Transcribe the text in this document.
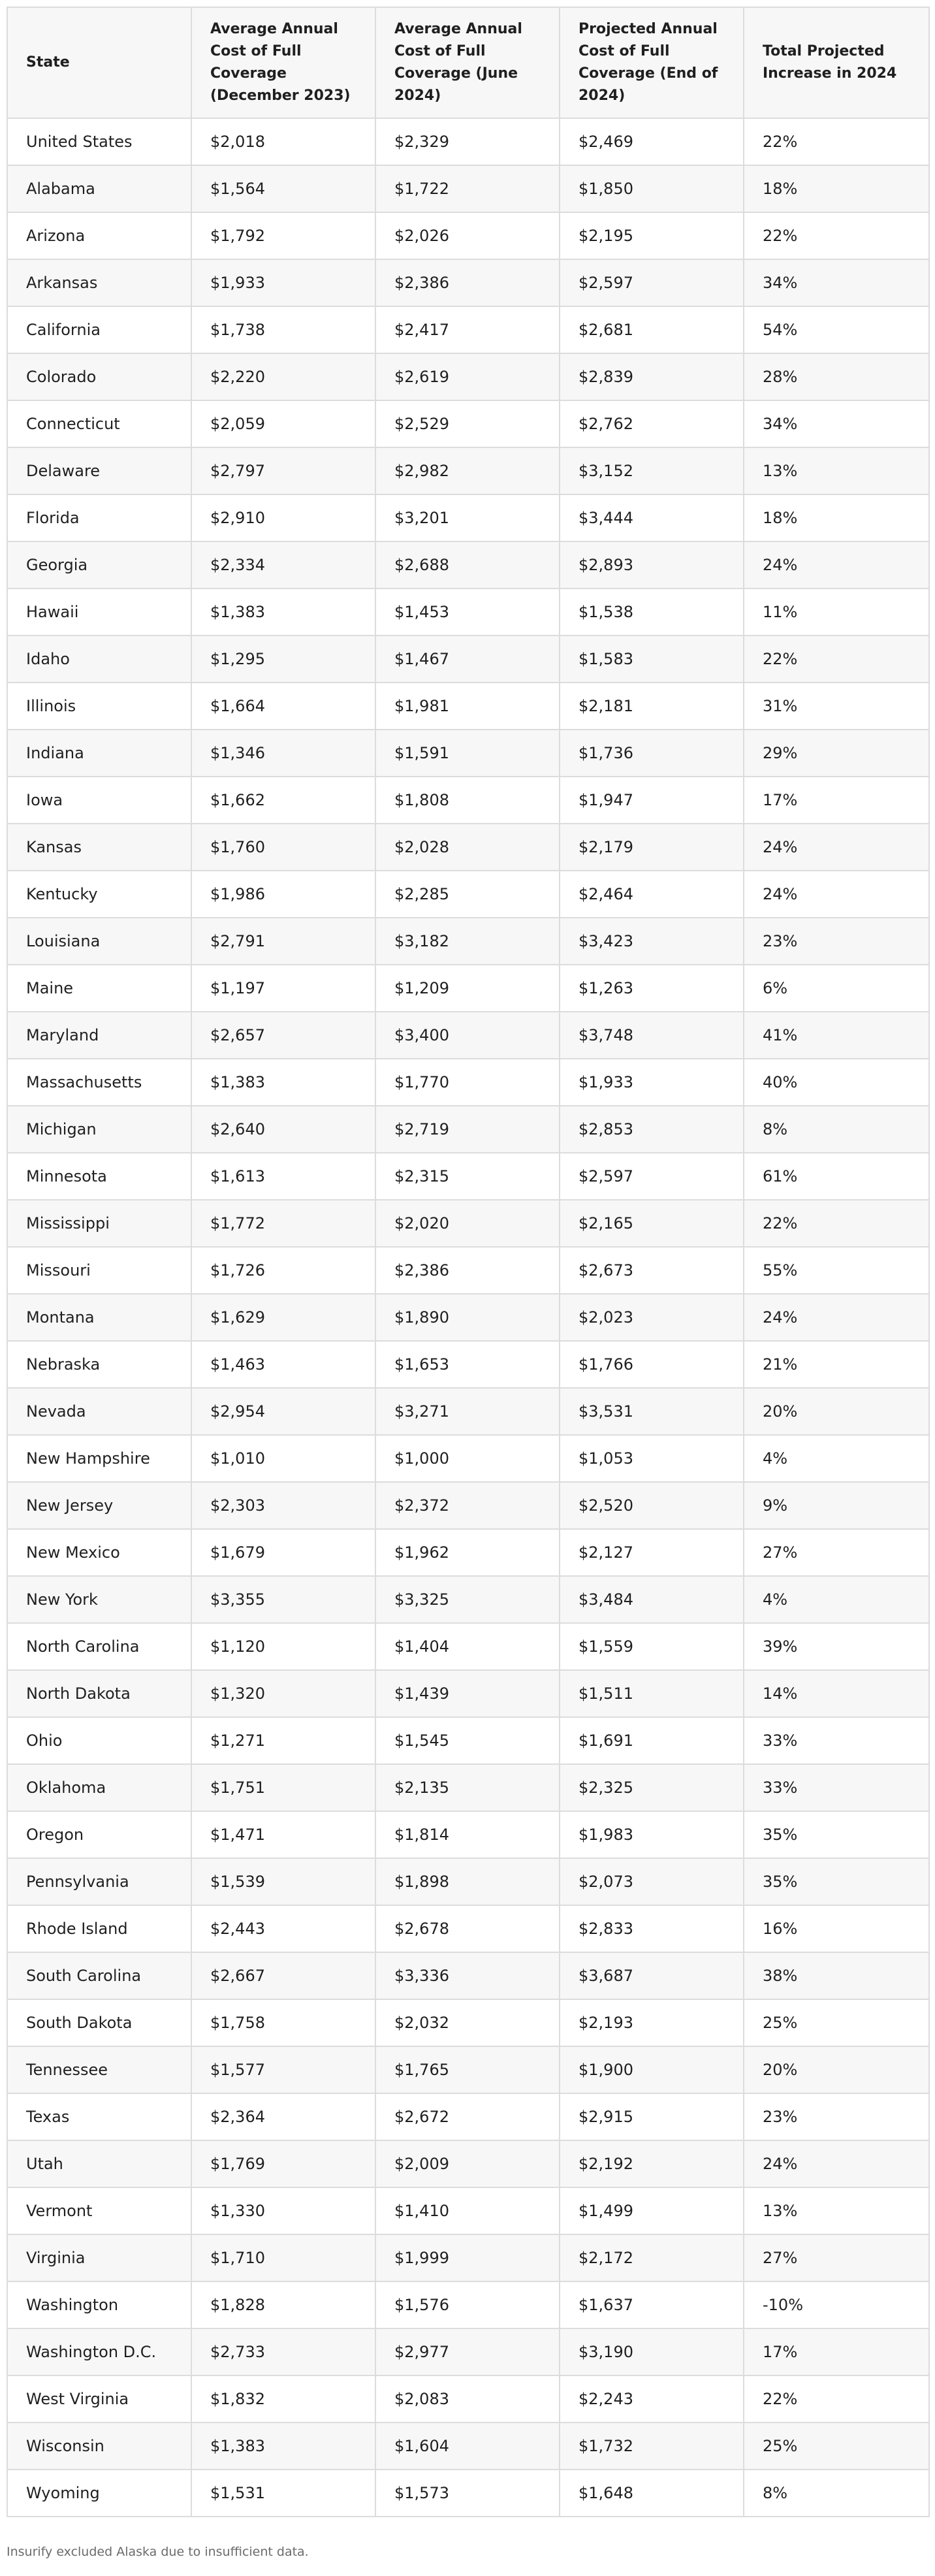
State	Average Annual Cost of Full Coverage (December 2023)	Average Annual Cost of Full Coverage (June 2024)	Projected Annual Cost of Full Coverage (End of 2024)	Total Projected Increase in 2024
United States	$2,018	$2,329	$2,469	22%
Alabama	$1,564	$1,722	$1,850	18%
Arizona	$1,792	$2,026	$2,195	22%
Arkansas	$1,933	$2,386	$2,597	34%
California	$1,738	$2,417	$2,681	54%
Colorado	$2,220	$2,619	$2,839	28%
Connecticut	$2,059	$2,529	$2,762	34%
Delaware	$2,797	$2,982	$3,152	13%
Florida	$2,910	$3,201	$3,444	18%
Georgia	$2,334	$2,688	$2,893	24%
Hawaii	$1,383	$1,453	$1,538	11%
Idaho	$1,295	$1,467	$1,583	22%
Illinois	$1,664	$1,981	$2,181	31%
Indiana	$1,346	$1,591	$1,736	29%
Iowa	$1,662	$1,808	$1,947	17%
Kansas	$1,760	$2,028	$2,179	24%
Kentucky	$1,986	$2,285	$2,464	24%
Louisiana	$2,791	$3,182	$3,423	23%
Maine	$1,197	$1,209	$1,263	6%
Maryland	$2,657	$3,400	$3,748	41%
Massachusetts	$1,383	$1,770	$1,933	40%
Michigan	$2,640	$2,719	$2,853	8%
Minnesota	$1,613	$2,315	$2,597	61%
Mississippi	$1,772	$2,020	$2,165	22%
Missouri	$1,726	$2,386	$2,673	55%
Montana	$1,629	$1,890	$2,023	24%
Nebraska	$1,463	$1,653	$1,766	21%
Nevada	$2,954	$3,271	$3,531	20%
New Hampshire	$1,010	$1,000	$1,053	4%
New Jersey	$2,303	$2,372	$2,520	9%
New Mexico	$1,679	$1,962	$2,127	27%
New York	$3,355	$3,325	$3,484	4%
North Carolina	$1,120	$1,404	$1,559	39%
North Dakota	$1,320	$1,439	$1,511	14%
Ohio	$1,271	$1,545	$1,691	33%
Oklahoma	$1,751	$2,135	$2,325	33%
Oregon	$1,471	$1,814	$1,983	35%
Pennsylvania	$1,539	$1,898	$2,073	35%
Rhode Island	$2,443	$2,678	$2,833	16%
South Carolina	$2,667	$3,336	$3,687	38%
South Dakota	$1,758	$2,032	$2,193	25%
Tennessee	$1,577	$1,765	$1,900	20%
Texas	$2,364	$2,672	$2,915	23%
Utah	$1,769	$2,009	$2,192	24%
Vermont	$1,330	$1,410	$1,499	13%
Virginia	$1,710	$1,999	$2,172	27%
Washington	$1,828	$1,576	$1,637	-10%
Washington D.C.	$2,733	$2,977	$3,190	17%
West Virginia	$1,832	$2,083	$2,243	22%
Wisconsin	$1,383	$1,604	$1,732	25%
Wyoming	$1,531	$1,573	$1,648	8%
Insurify excluded Alaska due to insufficient data.
